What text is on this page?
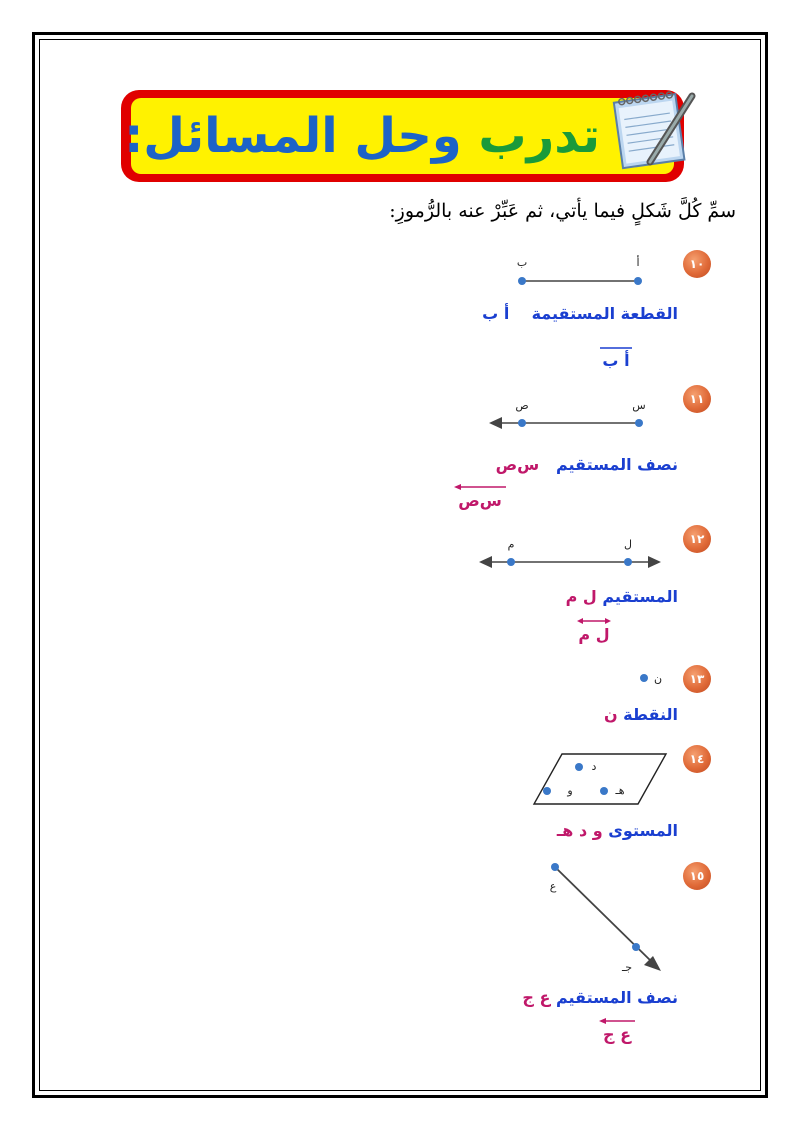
تدرب وحل المسائل:
سمِّ كُلَّ شَكلٍ فيما يأتي، ثم عَبِّرْ عنه بالرُّموزِ:
١٠
أ
ب
القطعة المستقيمة    أ ب
أ ب
١١
س
ص
نصف المستقيم   س‌ص
س‌ص
١٢
ل
م
المستقيم ل م
ل م
١٣
ن
النقطة ن
١٤
د
هـ
و
المستوى و د هـ
١٥
ع
جـ
نصف المستقيم ع ج
ع ج
